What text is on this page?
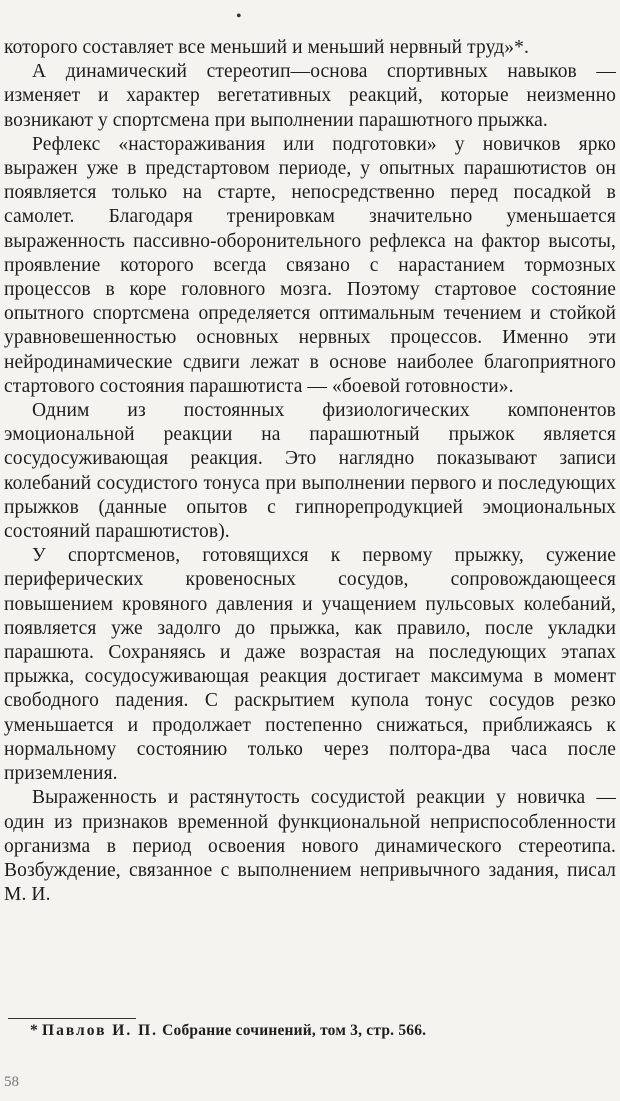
•

которого составляет все меньший и меньший нервный труд»*.

А динамический стереотип—основа спортивных навыков — изменяет и характер вегетативных реакций, которые неизменно возникают у спортсмена при выполнении парашютного прыжка.

Рефлекс «настораживания или подготовки» у новичков ярко выражен уже в предстартовом периоде, у опытных парашютистов он появляется только на старте, непосредственно перед посадкой в самолет. Благодаря тренировкам значительно уменьшается выраженность пассивно-оборонительного рефлекса на фактор высоты, проявление которого всегда связано с нарастанием тормозных процессов в коре головного мозга. Поэтому стартовое состояние опытного спортсмена определяется оптимальным течением и стойкой уравновешенностью основных нервных процессов. Именно эти нейродинамические сдвиги лежат в основе наиболее благоприятного стартового состояния парашютиста — «боевой готовности».

Одним из постоянных физиологических компонентов эмоциональной реакции на парашютный прыжок является сосудосуживающая реакция. Это наглядно показывают записи колебаний сосудистого тонуса при выполнении первого и последующих прыжков (данные опытов с гипнорепродукцией эмоциональных состояний парашютистов).

У спортсменов, готовящихся к первому прыжку, сужение периферических кровеносных сосудов, сопровождающееся повышением кровяного давления и учащением пульсовых колебаний, появляется уже задолго до прыжка, как правило, после укладки парашюта. Сохраняясь и даже возрастая на последующих этапах прыжка, сосудосуживающая реакция достигает максимума в момент свободного падения. С раскрытием купола тонус сосудов резко уменьшается и продолжает постепенно снижаться, приближаясь к нормальному состоянию только через полтора-два часа после приземления.

Выраженность и растянутость сосудистой реакции у новичка — один из признаков временной функциональной неприспособленности организма в период освоения нового динамического стереотипа. Возбуждение, связанное с выполнением непривычного задания, писал М. И.

* Павлов И. П. Собрание сочинений, том 3, стр. 566.
58
